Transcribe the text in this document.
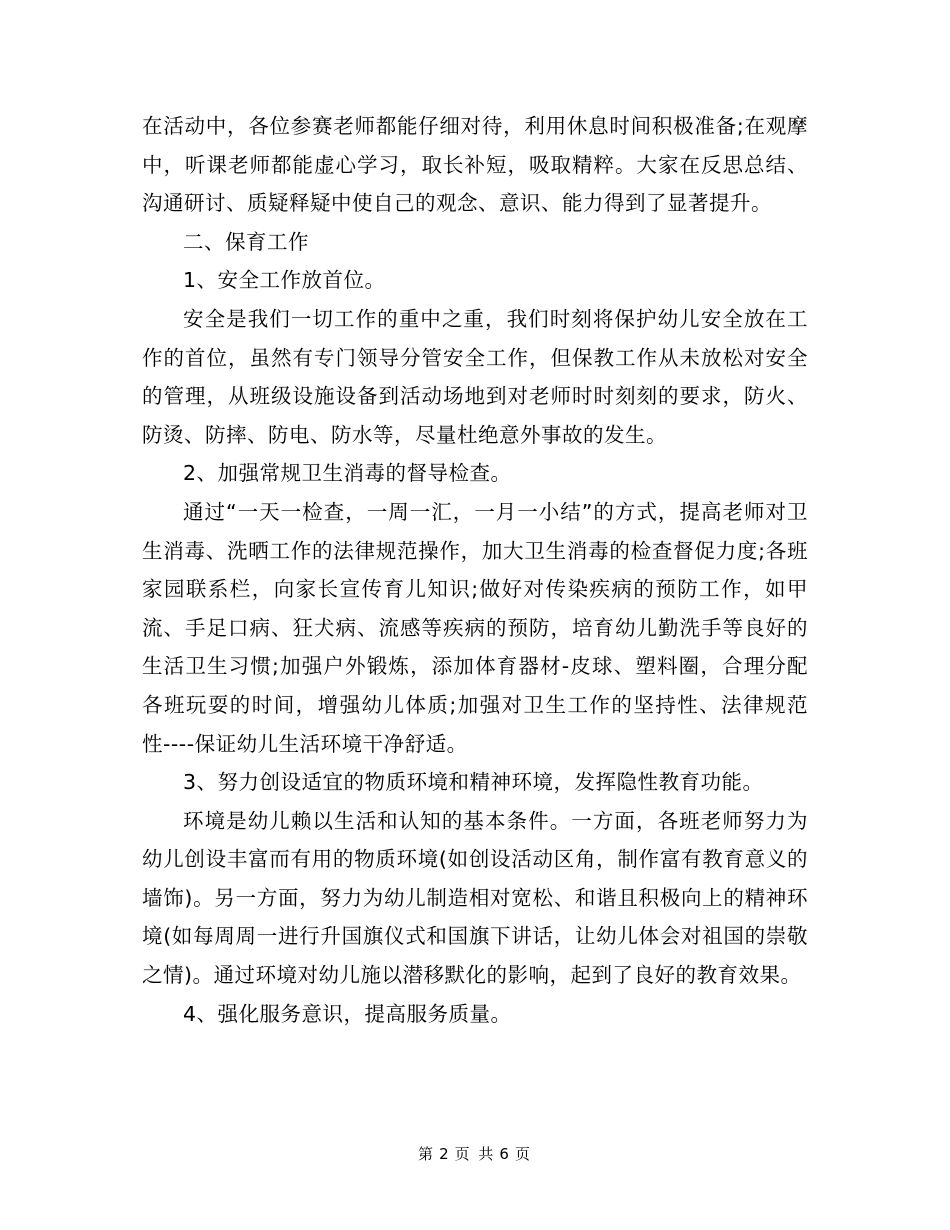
在活动中，各位参赛老师都能仔细对待，利用休息时间积极准备;在观摩中，听课老师都能虚心学习，取长补短，吸取精粹。大家在反思总结、沟通研讨、质疑释疑中使自己的观念、意识、能力得到了显著提升。

二、保育工作

1、安全工作放首位。

安全是我们一切工作的重中之重，我们时刻将保护幼儿安全放在工作的首位，虽然有专门领导分管安全工作，但保教工作从未放松对安全的管理，从班级设施设备到活动场地到对老师时时刻刻的要求，防火、防烫、防摔、防电、防水等，尽量杜绝意外事故的发生。

2、加强常规卫生消毒的督导检查。

通过“一天一检查，一周一汇，一月一小结”的方式，提高老师对卫生消毒、洗晒工作的法律规范操作，加大卫生消毒的检查督促力度;各班家园联系栏，向家长宣传育儿知识;做好对传染疾病的预防工作，如甲流、手足口病、狂犬病、流感等疾病的预防，培育幼儿勤洗手等良好的生活卫生习惯;加强户外锻炼，添加体育器材-皮球、塑料圈，合理分配各班玩耍的时间，增强幼儿体质;加强对卫生工作的坚持性、法律规范性----保证幼儿生活环境干净舒适。

3、努力创设适宜的物质环境和精神环境，发挥隐性教育功能。

环境是幼儿赖以生活和认知的基本条件。一方面，各班老师努力为幼儿创设丰富而有用的物质环境(如创设活动区角，制作富有教育意义的墙饰)。另一方面，努力为幼儿制造相对宽松、和谐且积极向上的精神环境(如每周周一进行升国旗仪式和国旗下讲话，让幼儿体会对祖国的崇敬之情)。通过环境对幼儿施以潜移默化的影响，起到了良好的教育效果。

4、强化服务意识，提高服务质量。

第 2 页 共 6 页
